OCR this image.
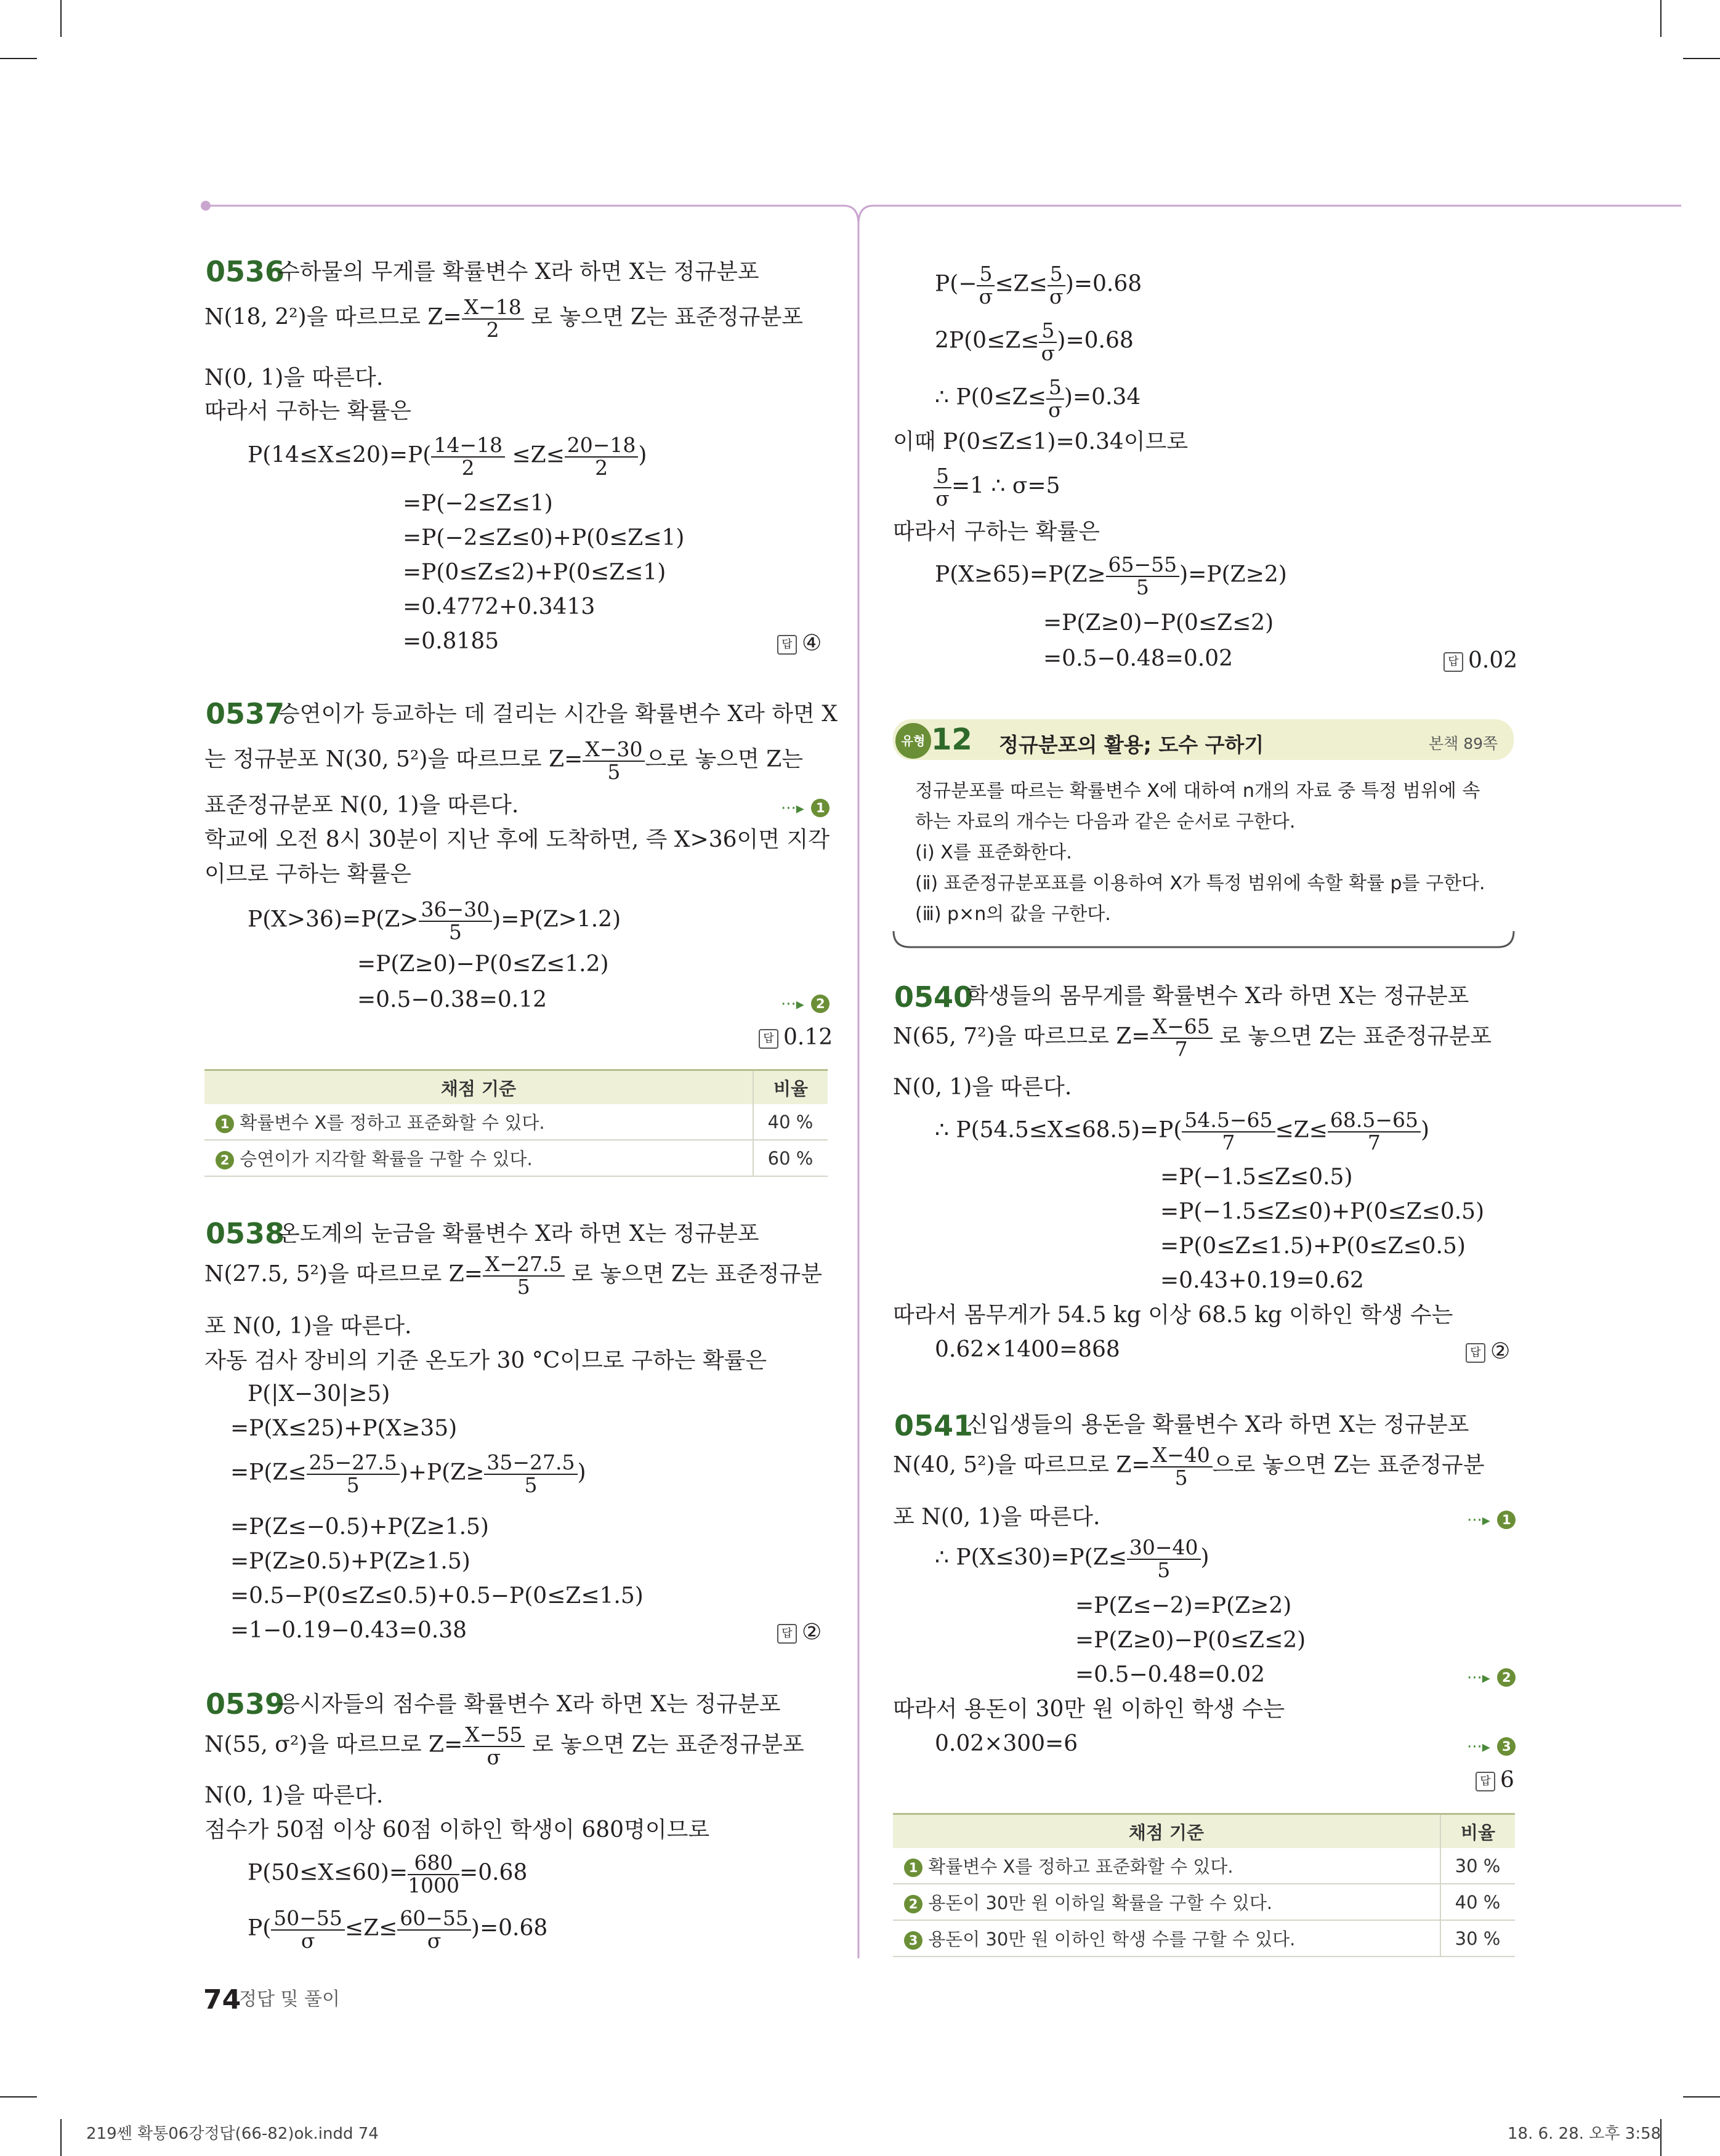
0536
수하물의 무게를 확률변수 X라 하면 X는 정규분포
N(18, 2²)을 따르므로 $Z= \frac{X-18}{2}$ 로 놓으면 Z는 표준정규분포
N(0, 1)을 따른다.
따라서 구하는 확률은
$P(14\le X\le 20)=P( \frac{14-18}{2} \le Z\le \frac{20-18}{2}$ )
=P(−2≤Z≤1)
=P(−2≤Z≤0)+P(0≤Z≤1)
=P(0≤Z≤2)+P(0≤Z≤1)
=0.4772+0.3413
=0.8185	답 ④
0537
승연이가 등교하는 데 걸리는 시간을 확률변수 X라 하면 X
는 정규분포 N(30, 5²)을 따르므로 $Z= \frac{X-30}{5}$ 으로 놓으면 Z는
표준정규분포 N(0, 1)을 따른다.	···▸ 1
학교에 오전 8시 30분이 지난 후에 도착하면, 즉 X>36이면 지각
이므로 구하는 확률은
$P(X>36)=P(Z> \frac{36-30}{5} )=P(Z>1.2)$
=P(Z≥0)−P(0≤Z≤1.2)
=0.5−0.38=0.12	···▸ 2
답 0.12
채점 기준	비율
1 확률변수 X를 정하고 표준화할 수 있다.	40 %
2 승연이가 지각할 확률을 구할 수 있다.	60 %
0538
온도계의 눈금을 확률변수 X라 하면 X는 정규분포
N(27.5, 5²)을 따르므로 $Z= \frac{X-27.5}{5}$ 로 놓으면 Z는 표준정규분
포 N(0, 1)을 따른다.
자동 검사 장비의 기준 온도가 30 °C이므로 구하는 확률은
P(|X−30|≥5)
=P(X≤25)+P(X≥35)
$=P(Z\le \frac{25-27.5}{5} )+P(Z\ge \frac{35-27.5}{5}$ )
=P(Z≤−0.5)+P(Z≥1.5)
=P(Z≥0.5)+P(Z≥1.5)
=0.5−P(0≤Z≤0.5)+0.5−P(0≤Z≤1.5)
=1−0.19−0.43=0.38	답 ②
0539
응시자들의 점수를 확률변수 X라 하면 X는 정규분포
N(55, σ²)을 따르므로 $Z= \frac{X-55}{\sigma}$ 로 놓으면 Z는 표준정규분포
N(0, 1)을 따른다.
점수가 50점 이상 60점 이하인 학생이 680명이므로
$P(50\le X\le 60)= \frac{680}{1000} =0.68$
$P( \frac{50-55}{\sigma} \le Z\le \frac{60-55}{\sigma} )=0.68$
74
정답 및 풀이
219쎈 확통06강정답(66-82)ok.indd 74	18. 6. 28. 오후 3:58
$P(- \frac{5}{\sigma} \le Z\le \frac{5}{\sigma} )=0.68$
$2P(0\le Z\le \frac{5}{\sigma} )=0.68$
∴ $P(0\le Z\le \frac{5}{\sigma} )=0.34$
이때 P(0≤Z≤1)=0.34이므로
$\frac{5}{\sigma} =1$ ∴ σ=5
따라서 구하는 확률은
$P(X\ge 65)=P(Z\ge \frac{65-55}{5} )=P(Z\ge 2)$
=P(Z≥0)−P(0≤Z≤2)
=0.5−0.48=0.02	답 0.02
유형 12 정규분포의 활용; 도수 구하기	본책 89쪽
정규분포를 따르는 확률변수 X에 대하여 n개의 자료 중 특정 범위에 속
하는 자료의 개수는 다음과 같은 순서로 구한다.
(ⅰ) X를 표준화한다.
(ⅱ) 표준정규분포표를 이용하여 X가 특정 범위에 속할 확률 p를 구한다.
(ⅲ) p×n의 값을 구한다.
0540
학생들의 몸무게를 확률변수 X라 하면 X는 정규분포
N(65, 7²)을 따르므로 $Z= \frac{X-65}{7}$ 로 놓으면 Z는 표준정규분포
N(0, 1)을 따른다.
∴ $P(54.5\le X\le 68.5)=P( \frac{54.5-65}{7} \le Z\le \frac{68.5-65}{7}$ )
=P(−1.5≤Z≤0.5)
=P(−1.5≤Z≤0)+P(0≤Z≤0.5)
=P(0≤Z≤1.5)+P(0≤Z≤0.5)
=0.43+0.19=0.62
따라서 몸무게가 54.5 kg 이상 68.5 kg 이하인 학생 수는
0.62×1400=868	답 ②
0541
신입생들의 용돈을 확률변수 X라 하면 X는 정규분포
N(40, 5²)을 따르므로 $Z= \frac{X-40}{5}$ 으로 놓으면 Z는 표준정규분
포 N(0, 1)을 따른다.	···▸ 1
∴ $P(X\le 30)=P(Z\le \frac{30-40}{5}$ )
=P(Z≤−2)=P(Z≥2)
=P(Z≥0)−P(0≤Z≤2)
=0.5−0.48=0.02	···▸ 2
따라서 용돈이 30만 원 이하인 학생 수는
0.02×300=6	···▸ 3
답 6
채점 기준	비율
1 확률변수 X를 정하고 표준화할 수 있다.	30 %
2 용돈이 30만 원 이하일 확률을 구할 수 있다.	40 %
3 용돈이 30만 원 이하인 학생 수를 구할 수 있다.	30 %
